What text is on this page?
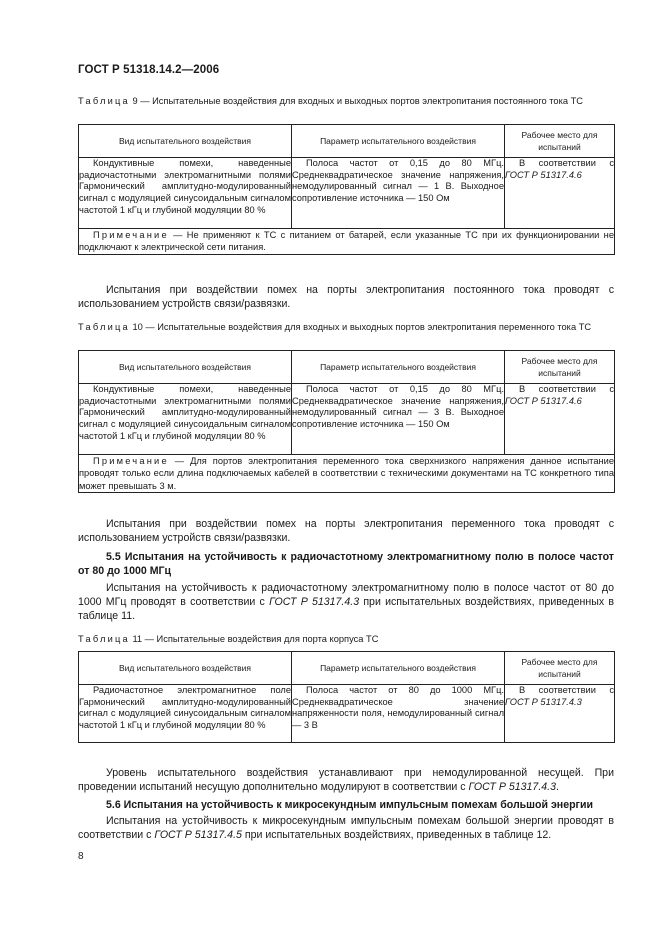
ГОСТ Р 51318.14.2—2006
Таблица 9 — Испытательные воздействия для входных и выходных портов электропитания постоянного тока ТС
Вид испытательного воздействия	Параметр испытательного воздействия	Рабочее место для испытаний
Кондуктивные помехи, наведенные радиочастотными электромагнитными полями Гармонический амплитудно-модулированный сигнал с модуляцией синусоидальным сигналом частотой 1 кГц и глубиной модуляции 80 %	Полоса частот от 0,15 до 80 МГц. Среднеквадратическое значение напряжения, немодулированный сигнал — 1 В. Выходное сопротивление источника — 150 Ом	В соответствии с ГОСТ Р 51317.4.6
Примечание — Не применяют к ТС с питанием от батарей, если указанные ТС при их функционировании не подключают к электрической сети питания.		
Испытания при воздействии помех на порты электропитания постоянного тока проводят с использованием устройств связи/развязки.
Таблица 10 — Испытательные воздействия для входных и выходных портов электропитания переменного тока ТС
Вид испытательного воздействия	Параметр испытательного воздействия	Рабочее место для испытаний
Кондуктивные помехи, наведенные радиочастотными электромагнитными полями Гармонический амплитудно-модулированный сигнал с модуляцией синусоидальным сигналом частотой 1 кГц и глубиной модуляции 80 %	Полоса частот от 0,15 до 80 МГц. Среднеквадратическое значение напряжения, немодулированный сигнал — 3 В. Выходное сопротивление источника — 150 Ом	В соответствии с ГОСТ Р 51317.4.6
Примечание — Для портов электропитания переменного тока сверхнизкого напряжения данное испытание проводят только если длина подключаемых кабелей в соответствии с техническими документами на ТС конкретного типа может превышать 3 м.		
Испытания при воздействии помех на порты электропитания переменного тока проводят с использованием устройств связи/развязки.
5.5 Испытания на устойчивость к радиочастотному электромагнитному полю в полосе частот от 80 до 1000 МГц
Испытания на устойчивость к радиочастотному электромагнитному полю в полосе частот от 80 до 1000 МГц проводят в соответствии с ГОСТ Р 51317.4.3 при испытательных воздействиях, приведенных в таблице 11.
Таблица 11 — Испытательные воздействия для порта корпуса ТС
Вид испытательного воздействия	Параметр испытательного воздействия	Рабочее место для испытаний
Радиочастотное электромагнитное поле Гармонический амплитудно-модулированный сигнал с модуляцией синусоидальным сигналом частотой 1 кГц и глубиной модуляции 80 %	Полоса частот от 80 до 1000 МГц. Среднеквадратическое значение напряженности поля, немодулированный сигнал — 3 В	В соответствии с ГОСТ Р 51317.4.3
Уровень испытательного воздействия устанавливают при немодулированной несущей. При проведении испытаний несущую дополнительно модулируют в соответствии с ГОСТ Р 51317.4.3.
5.6 Испытания на устойчивость к микросекундным импульсным помехам большой энергии
Испытания на устойчивость к микросекундным импульсным помехам большой энергии проводят в соответствии с ГОСТ Р 51317.4.5 при испытательных воздействиях, приведенных в таблице 12.
8
